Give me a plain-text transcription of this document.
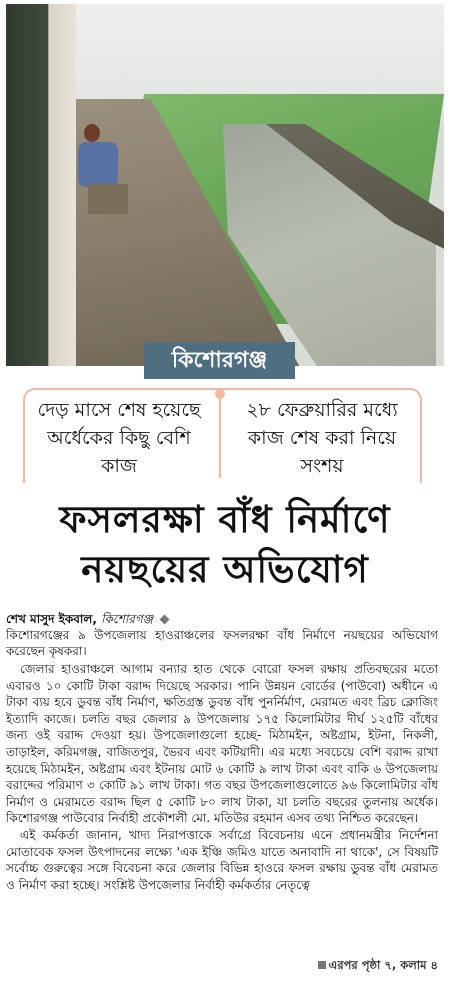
কিশোরগঞ্জ
দেড় মাসে শেষ হয়েছে অর্ধেকের কিছু বেশি কাজ
২৮ ফেব্রুয়ারির মধ্যে কাজ শেষ করা নিয়ে সংশয়
ফসলরক্ষা বাঁধ নির্মাণে
নয়ছয়ের অভিযোগ
শেখ মাসুদ ইকবাল, কিশোরগঞ্জ
কিশোরগঞ্জের ৯ উপজেলায় হাওরাঞ্চলের ফসলরক্ষা বাঁধ নির্মাণে নয়ছয়ের অভিযোগ করেছেন কৃষকরা।

জেলার হাওরাঞ্চলে আগাম বন্যার হাত থেকে বোরো ফসল রক্ষায় প্রতিবছরের মতো এবারও ১০ কোটি টাকা বরাদ্দ দিয়েছে সরকার। পানি উন্নয়ন বোর্ডের (পাউবো) অধীনে এ টাকা ব্যয় হবে ডুবন্ত বাঁধ নির্মাণ, ক্ষতিগ্রস্ত ডুবন্ত বাঁধ পুনর্নির্মাণ, মেরামত এবং ব্রিচ ক্লোজিং ইত্যাদি কাজে। চলতি বছর জেলার ৯ উপজেলায় ১৭৫ কিলোমিটার দীর্ঘ ১২৫টি বাঁধের জন্য ওই বরাদ্দ দেওয়া হয়। উপজেলাগুলো হচ্ছে- মিঠামইন, অষ্টগ্রাম, ইটনা, নিকলী, তাড়াইল, করিমগঞ্জ, বাজিতপুর, ভৈরব এবং কটিয়াদী। এর মধ্যে সবচেয়ে বেশি বরাদ্দ রাখা হয়েছে মিঠামইন, অষ্টগ্রাম এবং ইটনায় মোট ৬ কোটি ৯ লাখ টাকা এবং বাকি ৬ উপজেলায় বরাদ্দের পরিমাণ ৩ কোটি ৯১ লাখ টাকা। গত বছর উপজেলাগুলোতে ৯৬ কিলোমিটার বাঁধ নির্মাণ ও মেরামতে বরাদ্দ ছিল ৫ কোটি ৮০ লাখ টাকা, যা চলতি বছরের তুলনায় অর্ধেক। কিশোরগঞ্জ পাউবোর নির্বাহী প্রকৌশলী মো. মতিউর রহমান এসব তথ্য নিশ্চিত করেছেন।

এই কর্মকর্তা জানান, খাদ্য নিরাপত্তাকে সর্বাগ্রে বিবেচনায় এনে প্রধানমন্ত্রীর নির্দেশনা মোতাবেক ফসল উৎপাদনের লক্ষ্যে 'এক ইঞ্চি জমিও যাতে অনাবাদি না থাকে', সে বিষয়টি সর্বোচ্চ গুরুত্বের সঙ্গে বিবেচনা করে জেলার বিভিন্ন হাওরে ফসল রক্ষায় ডুবন্ত বাঁধ মেরামত ও নির্মাণ করা হচ্ছে। সংশ্লিষ্ট উপজেলার নির্বাহী কর্মকর্তার নেতৃত্বে

এরপর পৃষ্ঠা ৭, কলাম ৪
